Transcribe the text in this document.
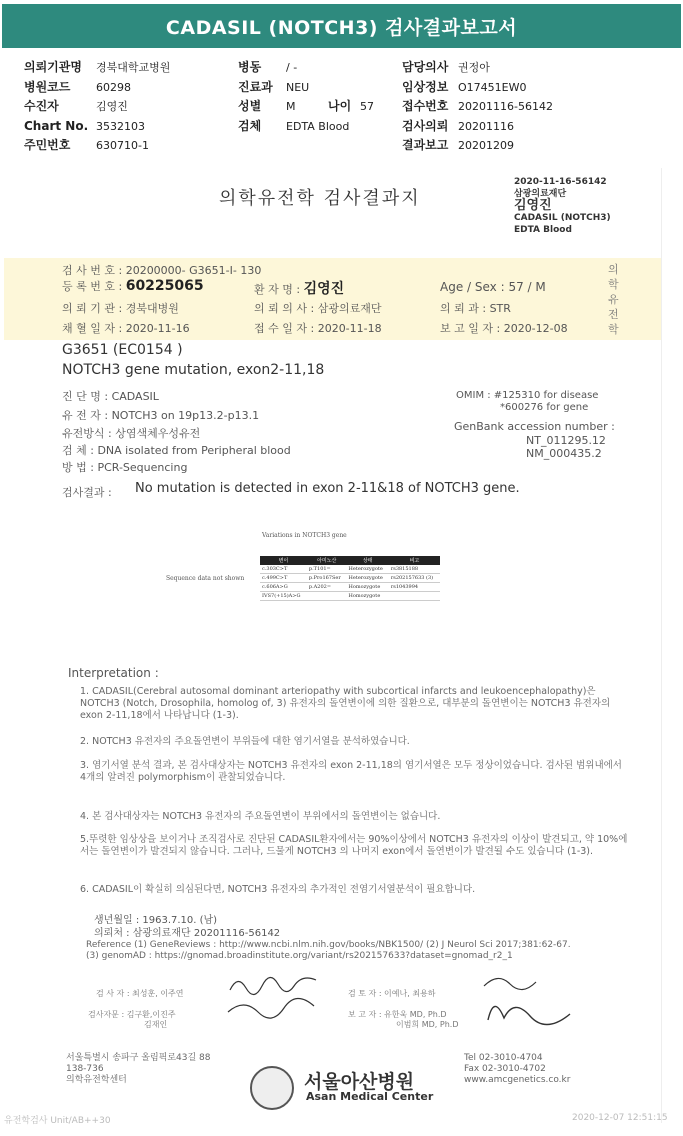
CADASIL (NOTCH3) 검사결과보고서
의뢰기관명 경북대학교병원
병원코드 60298
수진자	김영진
Chart No. 3532103
주민번호 630710-1
병동 / -
진료과 NEU
성별 M	나이 57
검체 EDTA Blood
담당의사 권정아
임상정보 O17451EW0
접수번호 20201116-56142
검사의뢰 20201116
결과보고 20201209
의학유전학 검사결과지
2020-11-16-56142
삼광의료재단
김영진
CADASIL (NOTCH3)
EDTA Blood
검 사 번 호 : 20200000- G3651-I- 130
등 록 번 호 : 60225065	환 자 명 : 김영진	Age / Sex : 57 / M
의 뢰 기 관 : 경북대병원	의 뢰 의 사 : 삼광의료재단	의 뢰 과 : STR
채 혈 일 자 : 2020-11-16	접 수 일 자 : 2020-11-18	보 고 일 자 : 2020-12-08
의학유전학
G3651 (EC0154 )
NOTCH3 gene mutation, exon2-11,18
진 단 명 : CADASIL
유 전 자 : NOTCH3 on 19p13.2-p13.1
유전방식 : 상염색체우성유전
검 체 : DNA isolated from Peripheral blood
방 법 : PCR-Sequencing
OMIM : #125310 for disease
*600276 for gene
GenBank accession number :
NT_011295.12
NM_000435.2
검사결과 : No mutation is detected in exon 2-11&18 of NOTCH3 gene.
Variations in NOTCH3 gene
Sequence data not shown
변이	아미노산	상태	비고
c.303C>T	p.T101=	Heterozygote	rs3815188
c.499C>T	p.Pro167Ser	Heterozygote	rs202157633 (3)
c.606A>G	p.A202=	Homozygote	rs1043994
IVS7(+15)A>G		Homozygote	
Interpretation :
1. CADASIL(Cerebral autosomal dominant arteriopathy with subcortical infarcts and leukoencephalopathy)은 NOTCH3 (Notch, Drosophila, homolog of, 3) 유전자의 돌연변이에 의한 질환으로, 대부분의 돌연변이는 NOTCH3 유전자의 exon 2-11,18에서 나타납니다 (1-3).
2. NOTCH3 유전자의 주요돌연변이 부위들에 대한 염기서열을 분석하였습니다.
3. 염기서열 분석 결과, 본 검사대상자는 NOTCH3 유전자의 exon 2-11,18의 염기서열은 모두 정상이었습니다. 검사된 범위내에서 4개의 알려진 polymorphism이 관찰되었습니다.
4. 본 검사대상자는 NOTCH3 유전자의 주요돌연변이 부위에서의 돌연변이는 없습니다.
5.뚜렷한 임상상을 보이거나 조직검사로 진단된 CADASIL환자에서는 90%이상에서 NOTCH3 유전자의 이상이 발견되고, 약 10%에서는 돌연변이가 발견되지 않습니다. 그러나, 드물게 NOTCH3 의 나머지 exon에서 돌연변이가 발견될 수도 있습니다 (1-3).
6. CADASIL이 확실히 의심된다면, NOTCH3 유전자의 추가적인 전염기서열분석이 필요합니다.
생년월일 : 1963.7.10. (남)
의뢰처 : 삼광의료재단 20201116-56142
Reference (1) GeneReviews : http://www.ncbi.nlm.nih.gov/books/NBK1500/ (2) J Neurol Sci 2017;381:62-67. (3) genomAD : https://gnomad.broadinstitute.org/variant/rs202157633?dataset=gnomad_r2_1
검 사 자 : 최성훈, 이주연
검사자문 : 김구환,이진주
김재인
검 토 자 : 이예나, 최용하
보 고 자 : 유한욱 MD, Ph.D
이범희 MD, Ph.D
서울특별시 송파구 올림픽로43길 88
138-736
의학유전학센터	서울아산병원
Asan Medical Center
Tel 02-3010-4704
Fax 02-3010-4702
www.amcgenetics.co.kr
유전학검사 Unit/AB++30	2020-12-07 12:51:15
